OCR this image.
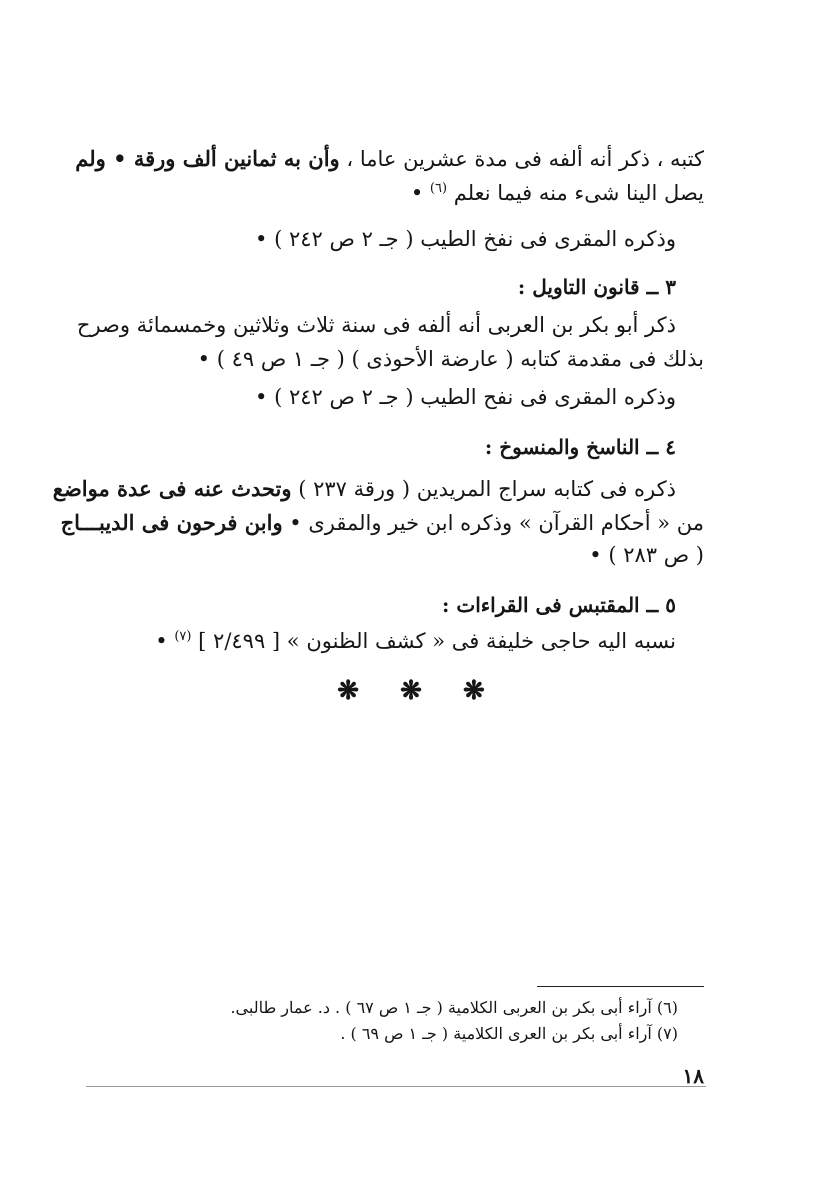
كتبه ، ذكر أنه ألفه فى مدة عشرين عاما ، وأن به ثمانين ألف ورقة • ولم
يصل الينا شىء منه فيما نعلم $^{(٦)}$ •
وذكره المقرى فى نفخ الطيب ( جـ ٢ ص ٢٤٢ ) •
٣ ــ قانون التاويل :
ذكر أبو بكر بن العربى أنه ألفه فى سنة ثلاث وثلاثين وخمسمائة وصرح
بذلك فى مقدمة كتابه ( عارضة الأحوذى ) ( جـ ١ ص ٤٩ ) •
وذكره المقرى فى نفح الطيب ( جـ ٢ ص ٢٤٢ ) •
٤ ــ الناسخ والمنسوخ :
ذكره فى كتابه سراج المريدين ( ورقة ٢٣٧ ) وتحدث عنه فى عدة مواضع
من « أحكام القرآن » وذكره ابن خير والمقرى • وابن فرحون فى الديبـــاج
( ص ٢٨٣ ) •
٥ ــ المقتبس فى القراءات :
نسبه اليه حاجى خليفة فى « كشف الظنون » [ ٢/٤٩٩ ] $^{(٧)}$ •
❋ ❋ ❋
(٦) آراء أبى بكر بن العربى الكلامية ( جـ ١ ص ٦٧ ) . د. عمار طالبى.
(٧) آراء أبى بكر بن العرى الكلامية ( جـ ١ ص ٦٩ ) .
١٨
